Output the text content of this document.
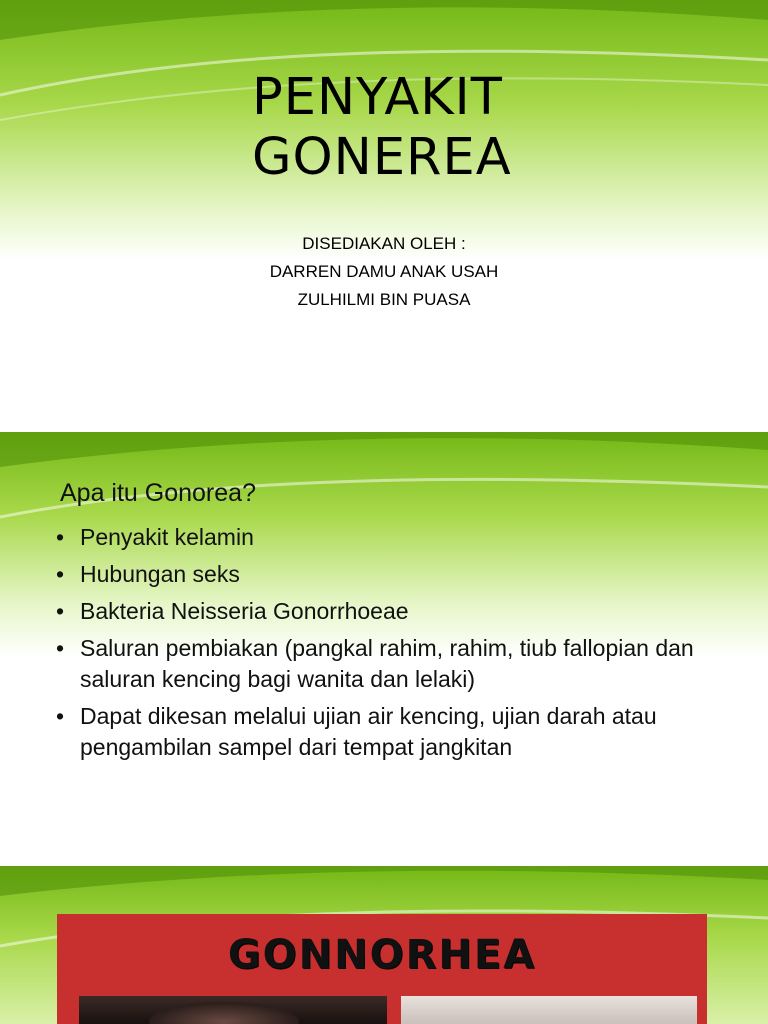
PENYAKIT
GONEREA
DISEDIAKAN OLEH :
DARREN DAMU ANAK USAH
ZULHILMI BIN PUASA
Apa itu Gonorea?
• Penyakit kelamin
• Hubungan seks
• Bakteria Neisseria Gonorrhoeae
• Saluran pembiakan (pangkal rahim, rahim, tiub fallopian dan saluran kencing bagi wanita dan lelaki)
• Dapat dikesan melalui ujian air kencing, ujian darah atau pengambilan sampel dari tempat jangkitan
GONNORHEA
